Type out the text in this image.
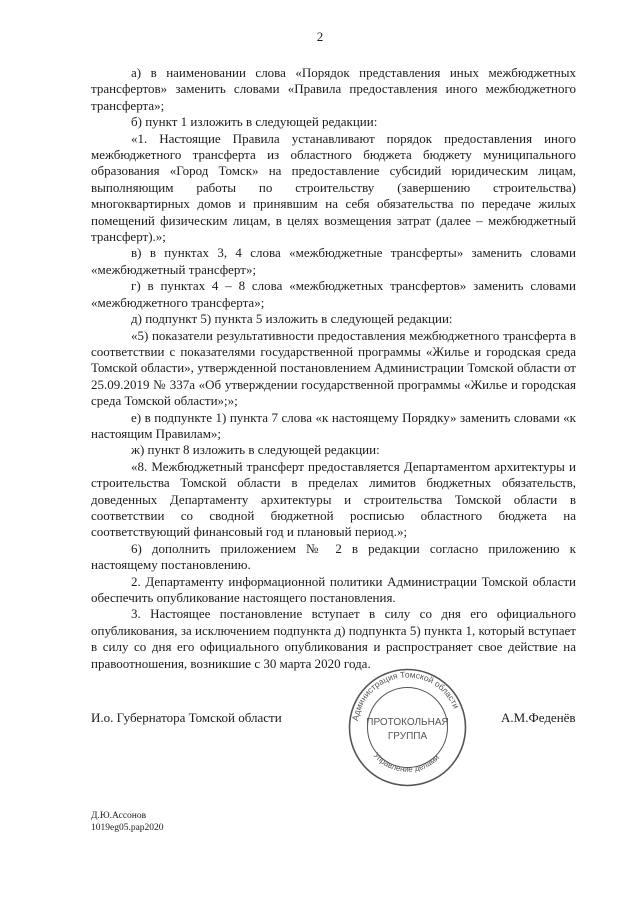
2

а) в наименовании слова «Порядок представления иных межбюджетных трансфертов» заменить словами «Правила предоставления иного межбюджетного трансферта»;

б) пункт 1 изложить в следующей редакции:

«1. Настоящие Правила устанавливают порядок предоставления иного межбюджетного трансферта из областного бюджета бюджету муниципального образования «Город Томск» на предоставление субсидий юридическим лицам, выполняющим работы по строительству (завершению строительства) многоквартирных домов и принявшим на себя обязательства по передаче жилых помещений физическим лицам, в целях возмещения затрат (далее – межбюджетный трансферт).»;

в) в пунктах 3, 4 слова «межбюджетные трансферты» заменить словами «межбюджетный трансферт»;

г) в пунктах 4 – 8 слова «межбюджетных трансфертов» заменить словами «межбюджетного трансферта»;

д) подпункт 5) пункта 5 изложить в следующей редакции:

«5) показатели результативности предоставления межбюджетного трансферта в соответствии с показателями государственной программы «Жилье и городская среда Томской области», утвержденной постановлением Администрации Томской области от 25.09.2019 № 337а «Об утверждении государственной программы «Жилье и городская среда Томской области»;»;

е) в подпункте 1) пункта 7 слова «к настоящему Порядку» заменить словами «к настоящим Правилам»;

ж) пункт 8 изложить в следующей редакции:

«8. Межбюджетный трансферт предоставляется Департаментом архитектуры и строительства Томской области в пределах лимитов бюджетных обязательств, доведенных Департаменту архитектуры и строительства Томской области в соответствии со сводной бюджетной росписью областного бюджета на соответствующий финансовый год и плановый период.»;

6) дополнить приложением № 2 в редакции согласно приложению к настоящему постановлению.

2. Департаменту информационной политики Администрации Томской области обеспечить опубликование настоящего постановления.

3. Настоящее постановление вступает в силу со дня его официального опубликования, за исключением подпункта д) подпункта 5) пункта 1, который вступает в силу со дня его официального опубликования и распространяет свое действие на правоотношения, возникшие с 30 марта 2020 года.

И.о. Губернатора Томской области	А.М.Феденёв
Администрация Томской области
Управление делами
ПРОТОКОЛЬНАЯ
ГРУППА
Д.Ю.Ассонов
1019eg05.pap2020
